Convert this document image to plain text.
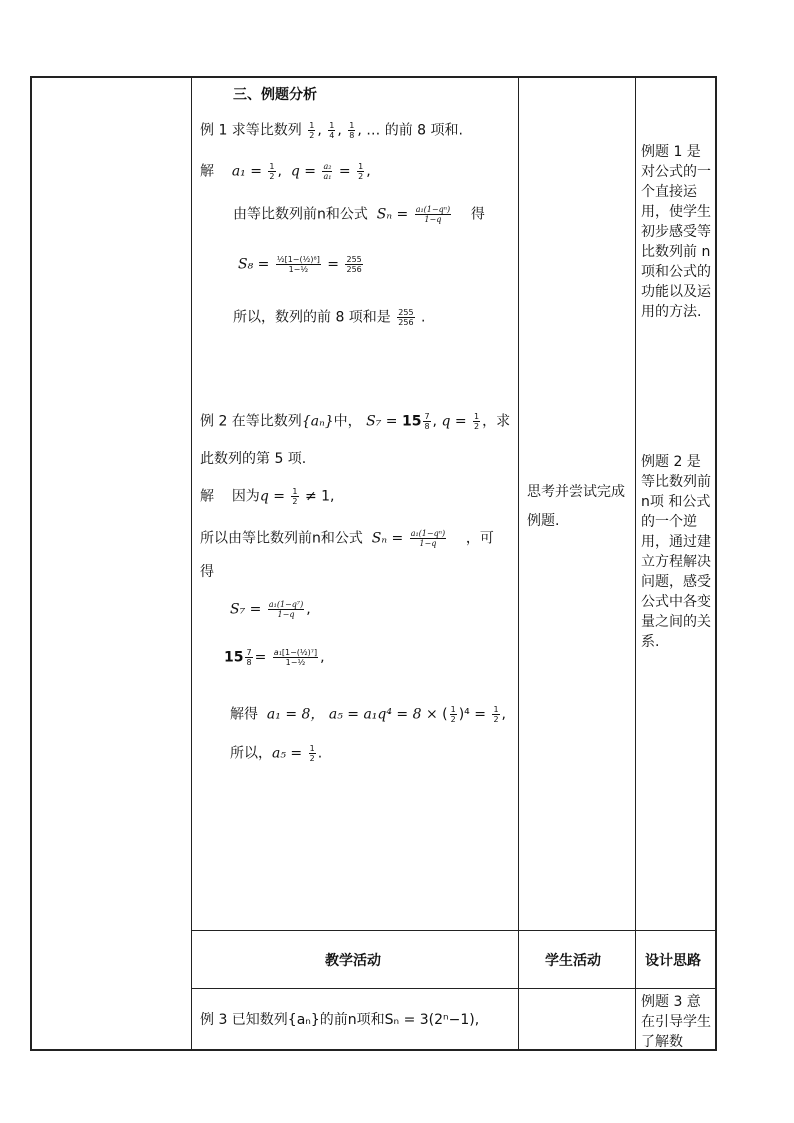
三、例题分析
例 1 求等比数列 $\frac{1}{2}$ , $\frac{1}{4}$ , $\frac{1}{8}$ , … 的前 8 项和.
解 $a_1 = \frac{1}{2}$ ,  $q = \frac{\text{a₂}}{\text{a₁}} = \frac{1}{2}$ ,
由等比数列前n和公式 $S_n = \frac{\text{a₁(1−qⁿ)}}{1-q}$ 得
$S_8 = \frac{\text{½[1−(½)⁸]}}{\text{1−½}} = \frac{255}{256}$
所以，数列的前 8 项和是 $\frac{255}{256}$ .
例 2 在等比数列{aₙ}中， $S_7 = 15 \frac{7}{8}$ , $q = \frac{1}{2}$ ，求
此数列的第 5 项.
解 因为$q = \frac{1}{2} \ne 1$,
所以由等比数列前n和公式 $S_n = \frac{\text{a₁(1−qⁿ)}}{1-q}$ ，可
得
$S_7 = \frac{\text{a₁(1−q⁷)}}{1-q}$ ,
$15 \frac{7}{8} = \frac{\text{a₁[1−(½)⁷]}}{\text{1−½}}$ ,
解得 a₁ = 8， a₅ = a₁q⁴ = 8 × ( $\frac{1}{2} )^4 = \frac{1}{2}$ ,
所以，$a_5 = \frac{1}{2}$ .
思考并尝试完成例题.
例题 1 是对公式的一个直接运用，使学生初步感受等比数列前 n 项和公式的功能以及运用的方法.
例题 2 是等比数列前 n项 和公式的一个逆用，通过建立方程解决问题，感受公式中各变量之间的关系.
教学活动	学生活动	设计思路
例 3 已知数列{aₙ}的前n项和Sₙ = 3(2ⁿ−1),
例题 3 意在引导学生了解数
